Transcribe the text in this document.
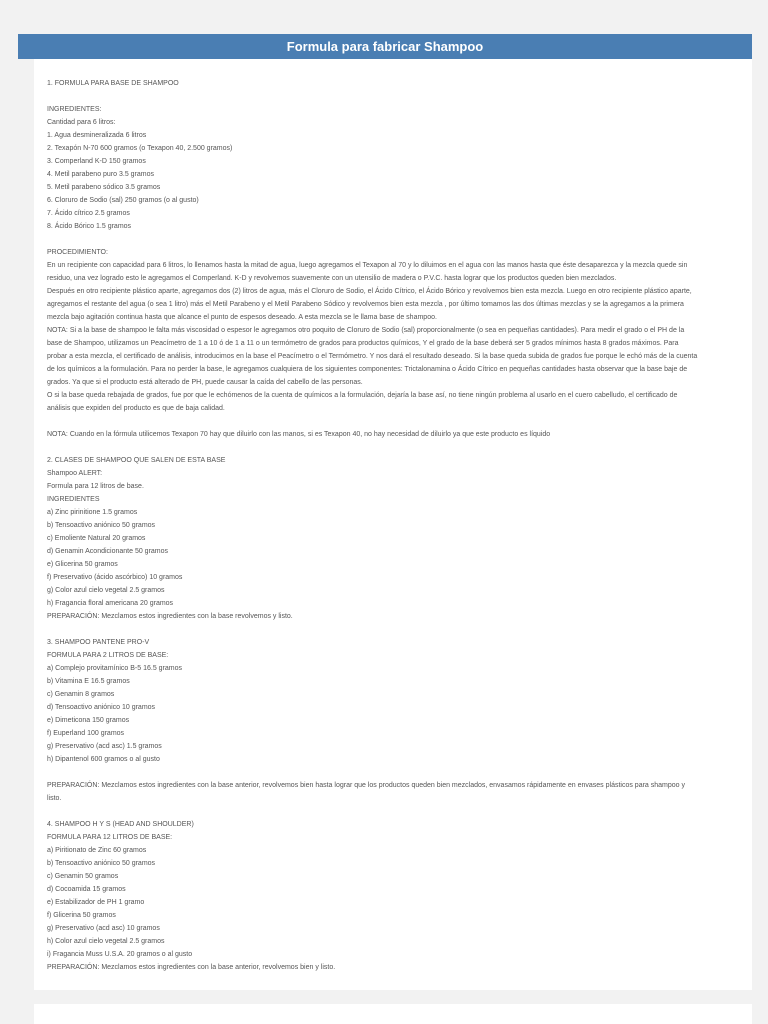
Formula para fabricar Shampoo
1. FORMULA PARA BASE DE SHAMPOO
INGREDIENTES:
Cantidad para 6 litros:
1. Agua desmineralizada 6 litros
2. Texapón N-70 600 gramos (o Texapon 40, 2.500 gramos)
3. Comperland K-D 150 gramos
4. Metil parabeno puro 3.5 gramos
5. Metil parabeno sódico 3.5 gramos
6. Cloruro de Sodio (sal) 250 gramos (o al gusto)
7. Ácido cítrico 2.5 gramos
8. Ácido Bórico 1.5 gramos
PROCEDIMIENTO:
En un recipiente con capacidad para 6 litros, lo llenamos hasta la mitad de agua, luego agregamos el Texapon al 70 y lo diluimos en el agua con las manos hasta que éste desaparezca y la mezcla quede sin
residuo, una vez logrado esto le agregamos el Comperland. K-D y revolvemos suavemente con un utensilio de madera o P.V.C. hasta lograr que los productos queden bien mezclados.
Después en otro recipiente plástico aparte, agregamos dos (2) litros de agua, más el Cloruro de Sodio, el Ácido Cítrico, el Ácido Bórico y revolvemos bien esta mezcla. Luego en otro recipiente plástico aparte,
agregamos el restante del agua (o sea 1 litro) más el Metil Parabeno y el Metil Parabeno Sódico y revolvemos bien esta mezcla , por último tomamos las dos últimas mezclas y se la agregamos a la primera
mezcla bajo agitación continua hasta que alcance el punto de espesos deseado. A esta mezcla se le llama base de shampoo.
NOTA: Si a la base de shampoo le falta más viscosidad o espesor le agregamos otro poquito de Cloruro de Sodio (sal) proporcionalmente (o sea en pequeñas cantidades). Para medir el grado o el PH de la
base de Shampoo, utilizamos un Peacímetro de 1 a 10 ó de 1 a 11 o un termómetro de grados para productos químicos, Y el grado de la base deberá ser 5 grados mínimos hasta 8 grados máximos. Para
probar a esta mezcla, el certificado de análisis, introducimos en la base el Peacímetro o el Termómetro. Y nos dará el resultado deseado. Si la base queda subida de grados fue porque le echó más de la cuenta
de los químicos a la formulación. Para no perder la base, le agregamos cualquiera de los siguientes componentes: Trictalonamina o Ácido Cítrico en pequeñas cantidades hasta observar que la base baje de
grados. Ya que si el producto está alterado de PH, puede causar la caída del cabello de las personas.
O si la base queda rebajada de grados, fue por que le echómenos de la cuenta de químicos a la formulación, dejaría la base así, no tiene ningún problema al usarlo en el cuero cabelludo, el certificado de
análisis que expiden del producto es que de baja calidad.
NOTA: Cuando en la fórmula utilicemos Texapon 70 hay que diluirlo con las manos, si es Texapon 40, no hay necesidad de diluirlo ya que este producto es líquido
2. CLASES DE SHAMPOO QUE SALEN DE ESTA BASE
Shampoo ALERT:
Formula para 12 litros de base.
INGREDIENTES
a) Zinc pirinitione 1.5 gramos
b) Tensoactivo aniónico 50 gramos
c) Emoliente Natural 20 gramos
d) Genamin Acondicionante 50 gramos
e) Glicerina 50 gramos
f) Preservativo (ácido ascórbico) 10 gramos
g) Color azul cielo vegetal 2.5 gramos
h) Fragancia floral americana 20 gramos
PREPARACIÓN: Mezclamos estos ingredientes con la base revolvemos y listo.
3. SHAMPOO PANTENE PRO-V
FORMULA PARA 2 LITROS DE BASE:
a) Complejo provitamínico B-5 16.5 gramos
b) Vitamina E 16.5 gramos
c) Genamin 8 gramos
d) Tensoactivo aniónico 10 gramos
e) Dimeticona 150 gramos
f) Euperland 100 gramos
g) Preservativo (acd asc) 1.5 gramos
h) Dipantenol 600 gramos o al gusto
PREPARACIÓN: Mezclamos estos ingredientes con la base anterior, revolvemos bien hasta lograr que los productos queden bien mezclados, envasamos rápidamente en envases plásticos para shampoo y
listo.
4. SHAMPOO H Y S (HEAD AND SHOULDER)
FORMULA PARA 12 LITROS DE BASE:
a) Piritionato de Zinc 60 gramos
b) Tensoactivo aniónico 50 gramos
c) Genamin 50 gramos
d) Cocoamida 15 gramos
e) Estabilizador de PH 1 gramo
f) Glicerina 50 gramos
g) Preservativo (acd asc) 10 gramos
h) Color azul cielo vegetal 2.5 gramos
i) Fragancia Muss U.S.A. 20 gramos o al gusto
PREPARACIÓN: Mezclamos estos ingredientes con la base anterior, revolvemos bien y listo.
